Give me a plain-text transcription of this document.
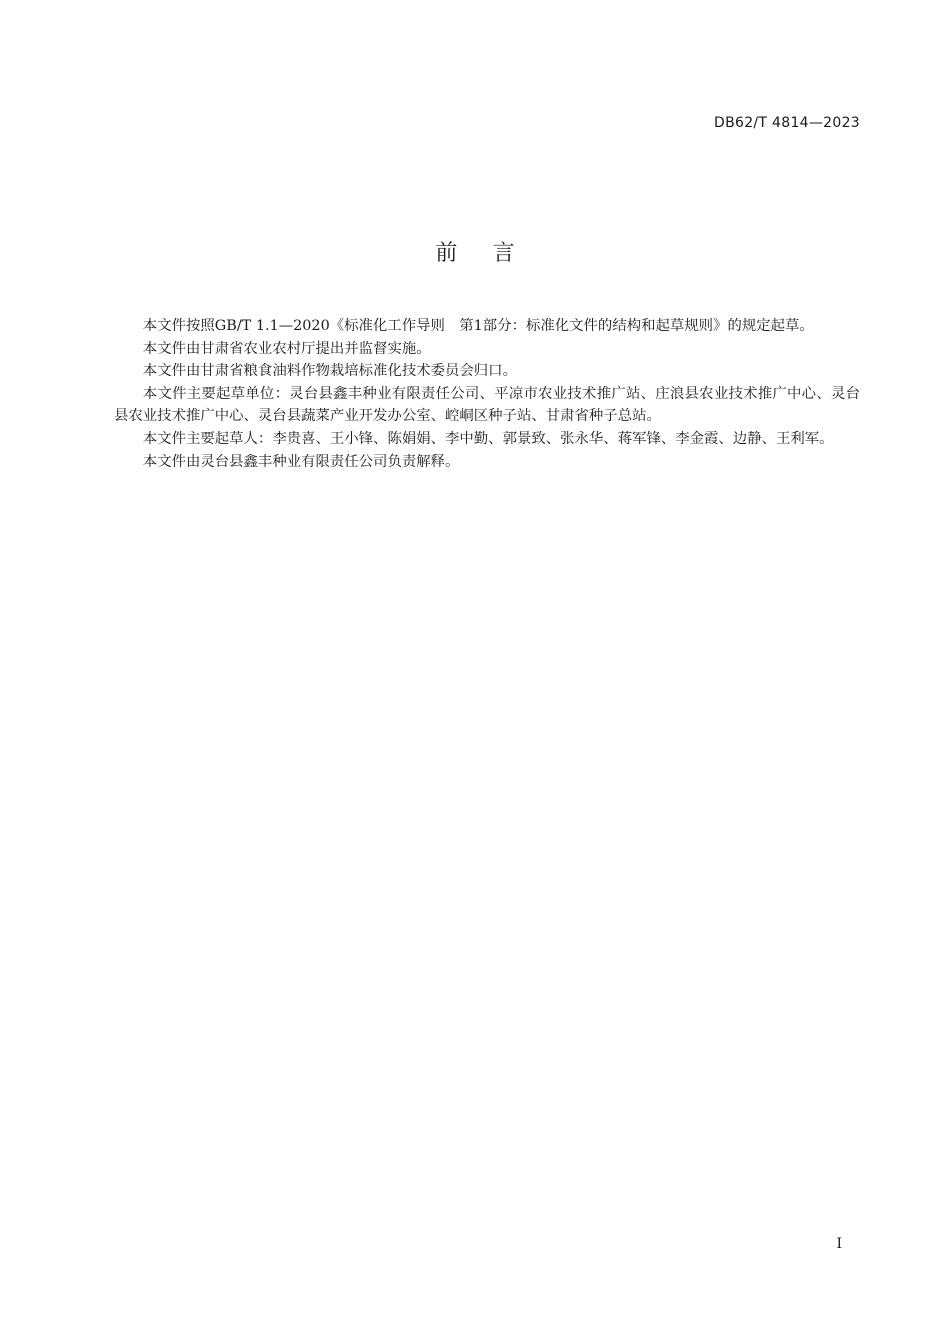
DB62/T 4814—2023
前言

本文件按照GB/T 1.1—2020《标准化工作导则　第1部分：标准化文件的结构和起草规则》的规定起草。

本文件由甘肃省农业农村厅提出并监督实施。

本文件由甘肃省粮食油料作物栽培标准化技术委员会归口。

本文件主要起草单位：灵台县鑫丰种业有限责任公司、平凉市农业技术推广站、庄浪县农业技术推广中心、灵台县农业技术推广中心、灵台县蔬菜产业开发办公室、崆峒区种子站、甘肃省种子总站。

本文件主要起草人：李贵喜、王小锋、陈娟娟、李中勤、郭景致、张永华、蒋军锋、李金霞、边静、王利军。

本文件由灵台县鑫丰种业有限责任公司负责解释。

I
